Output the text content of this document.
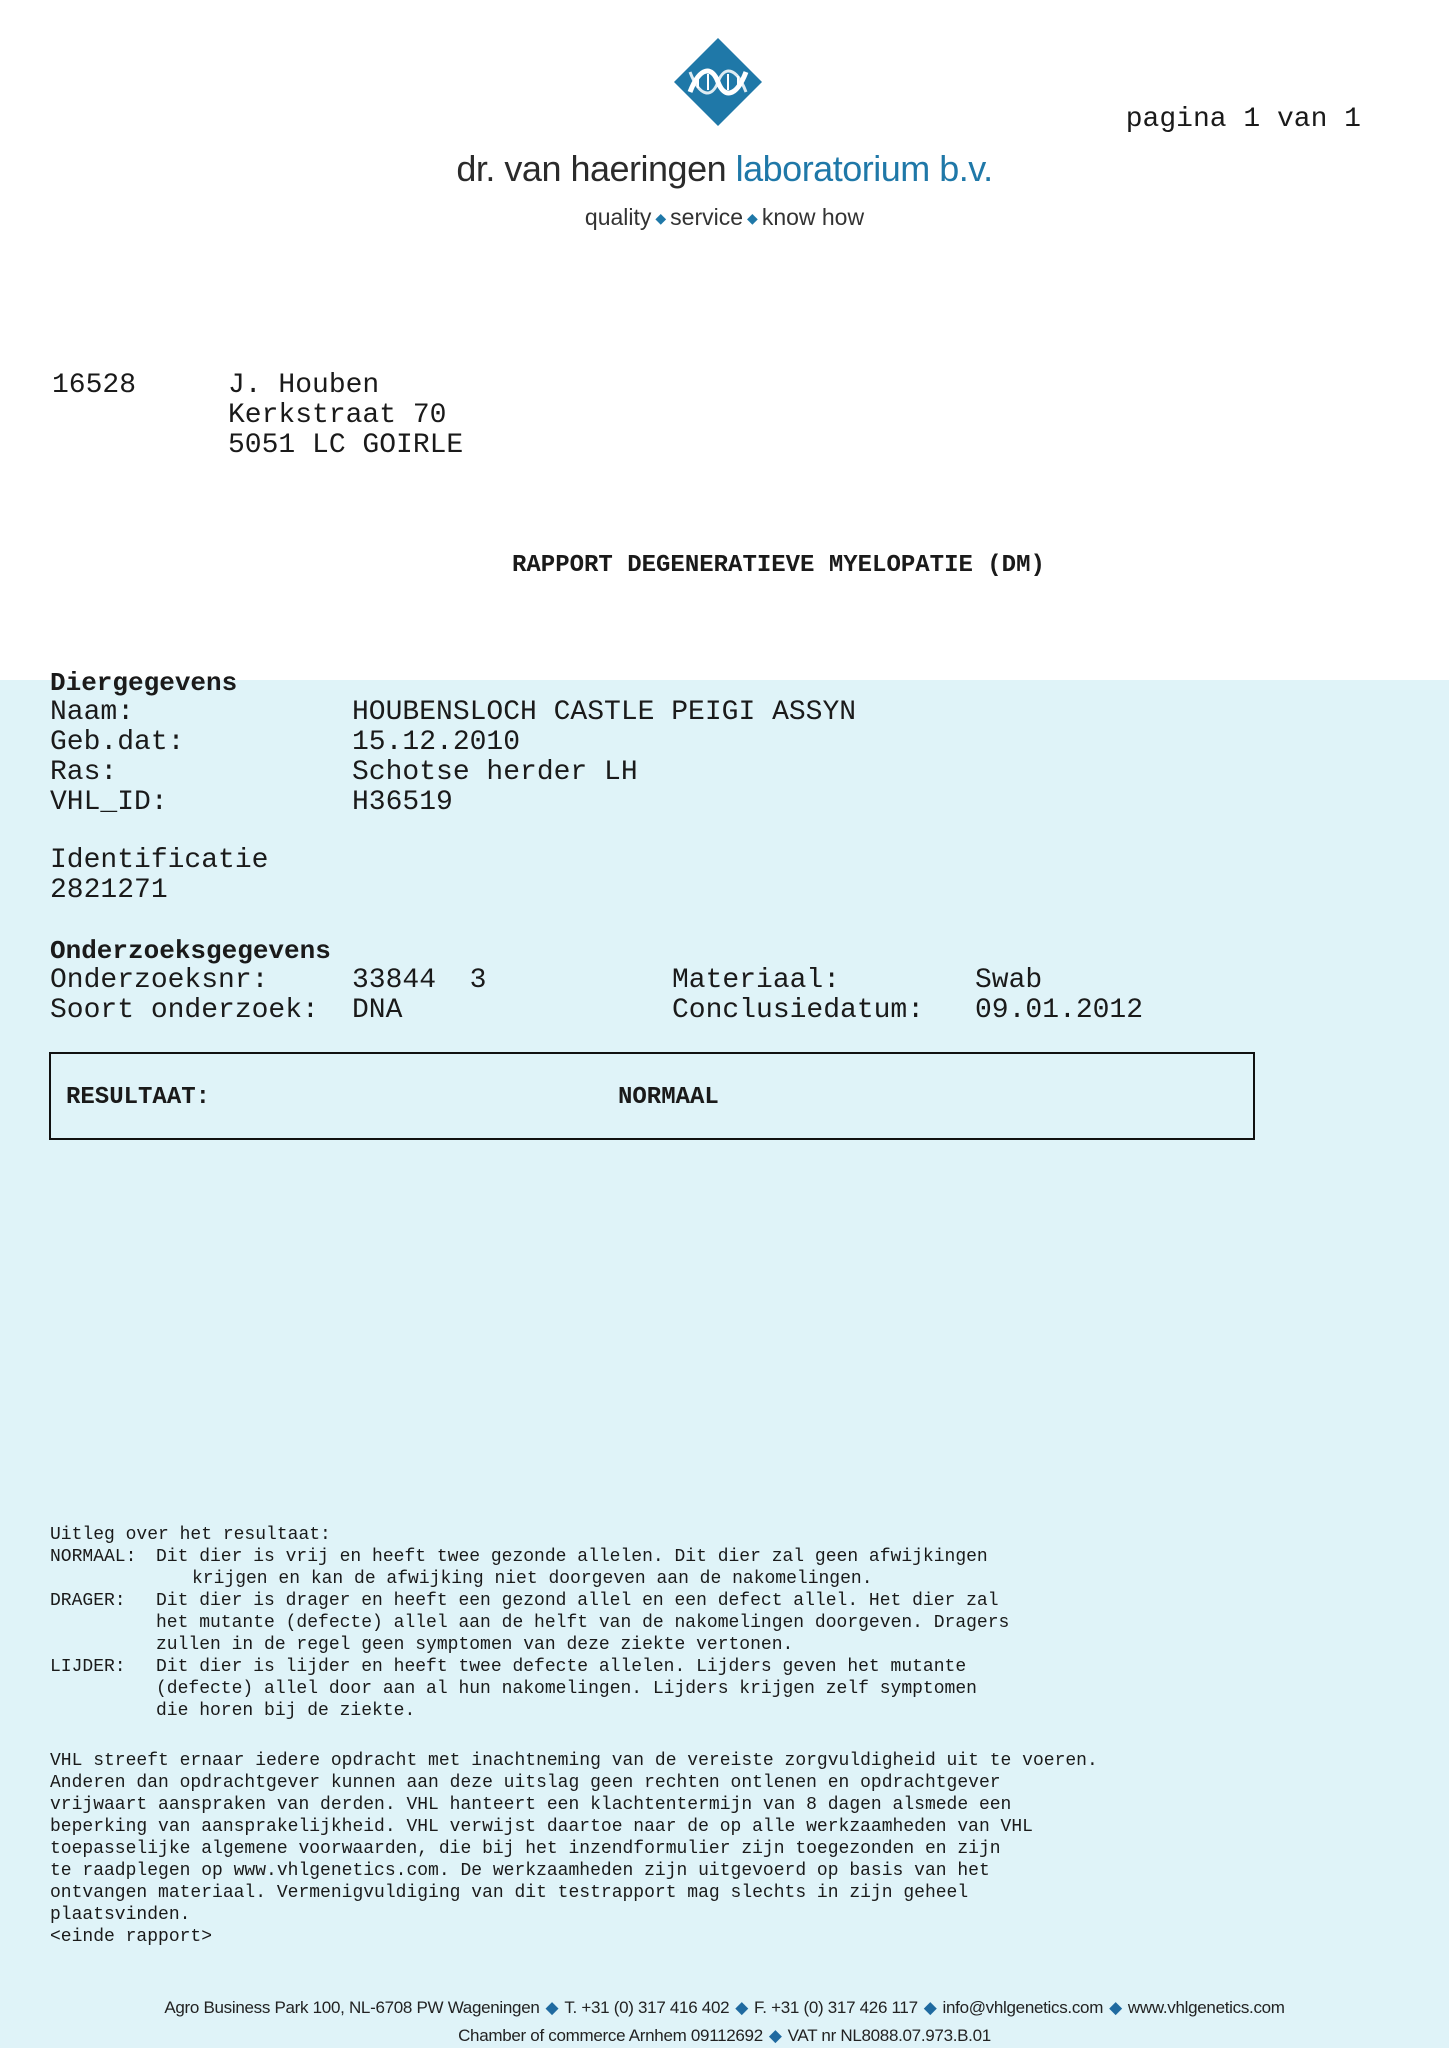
dr. van haeringen laboratorium b.v.
quality ◆ service ◆ know how
pagina 1 van 1
16528	J. Houben
Kerkstraat 70
5051 LC GOIRLE
RAPPORT DEGENERATIEVE MYELOPATIE (DM)
Diergegevens
Naam:	HOUBENSLOCH CASTLE PEIGI ASSYN
Geb.dat:	15.12.2010
Ras:	Schotse herder LH
VHL_ID:	H36519
Identificatie
2821271
Onderzoeksgegevens
Onderzoeksnr:	33844  3	Materiaal:	Swab
Soort onderzoek: DNA	Conclusiedatum: 09.01.2012
RESULTAAT:	NORMAAL
Uitleg over het resultaat:
NORMAAL: Dit dier is vrij en heeft twee gezonde allelen. Dit dier zal geen afwijkingen
krijgen en kan de afwijking niet doorgeven aan de nakomelingen.
DRAGER: Dit dier is drager en heeft een gezond allel en een defect allel. Het dier zal
het mutante (defecte) allel aan de helft van de nakomelingen doorgeven. Dragers
zullen in de regel geen symptomen van deze ziekte vertonen.
LIJDER: Dit dier is lijder en heeft twee defecte allelen. Lijders geven het mutante
(defecte) allel door aan al hun nakomelingen. Lijders krijgen zelf symptomen
die horen bij de ziekte.
VHL streeft ernaar iedere opdracht met inachtneming van de vereiste zorgvuldigheid uit te voeren.
Anderen dan opdrachtgever kunnen aan deze uitslag geen rechten ontlenen en opdrachtgever
vrijwaart aanspraken van derden. VHL hanteert een klachtentermijn van 8 dagen alsmede een
beperking van aansprakelijkheid. VHL verwijst daartoe naar de op alle werkzaamheden van VHL
toepasselijke algemene voorwaarden, die bij het inzendformulier zijn toegezonden en zijn
te raadplegen op www.vhlgenetics.com. De werkzaamheden zijn uitgevoerd op basis van het
ontvangen materiaal. Vermenigvuldiging van dit testrapport mag slechts in zijn geheel
plaatsvinden.
<einde rapport>
Agro Business Park 100, NL-6708 PW Wageningen ◆ T. +31 (0) 317 416 402 ◆ F. +31 (0) 317 426 117 ◆ info@vhlgenetics.com ◆ www.vhlgenetics.com
Chamber of commerce Arnhem 09112692 ◆ VAT nr NL8088.07.973.B.01
